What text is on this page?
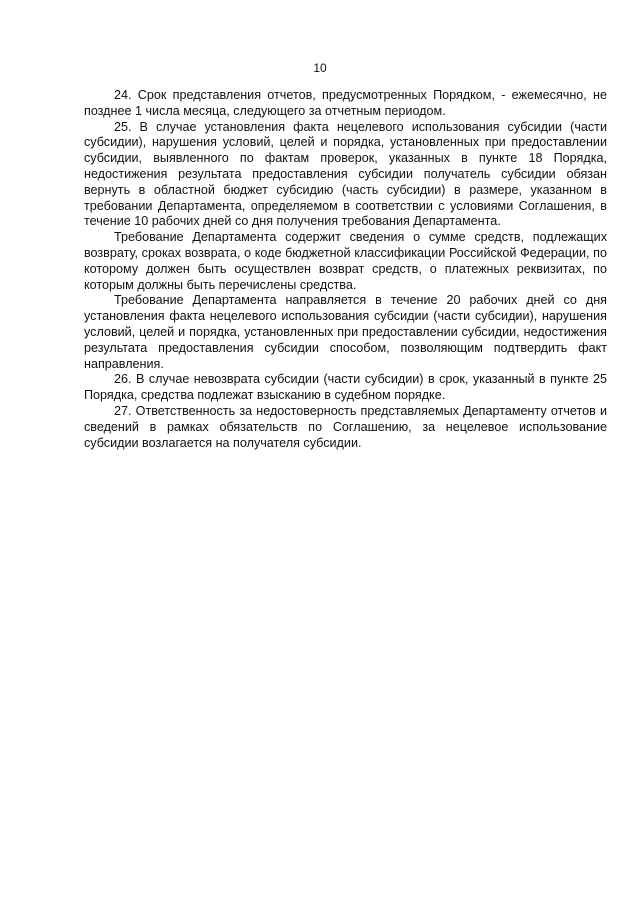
10

24. Срок представления отчетов, предусмотренных Порядком, - ежемесячно, не позднее 1 числа месяца, следующего за отчетным периодом.

25. В случае установления факта нецелевого использования субсидии (части субсидии), нарушения условий, целей и порядка, установленных при предоставлении субсидии, выявленного по фактам проверок, указанных в пункте 18 Порядка, недостижения результата предоставления субсидии получатель субсидии обязан вернуть в областной бюджет субсидию (часть субсидии) в размере, указанном в требовании Департамента, определяемом в соответствии с условиями Соглашения, в течение 10 рабочих дней со дня получения требования Департамента.

Требование Департамента содержит сведения о сумме средств, подлежащих возврату, сроках возврата, о коде бюджетной классификации Российской Федерации, по которому должен быть осуществлен возврат средств, о платежных реквизитах, по которым должны быть перечислены средства.

Требование Департамента направляется в течение 20 рабочих дней со дня установления факта нецелевого использования субсидии (части субсидии), нарушения условий, целей и порядка, установленных при предоставлении субсидии, недостижения результата предоставления субсидии способом, позволяющим подтвердить факт направления.

26. В случае невозврата субсидии (части субсидии) в срок, указанный в пункте 25 Порядка, средства подлежат взысканию в судебном порядке.

27. Ответственность за недостоверность представляемых Департаменту отчетов и сведений в рамках обязательств по Соглашению, за нецелевое использование субсидии возлагается на получателя субсидии.
